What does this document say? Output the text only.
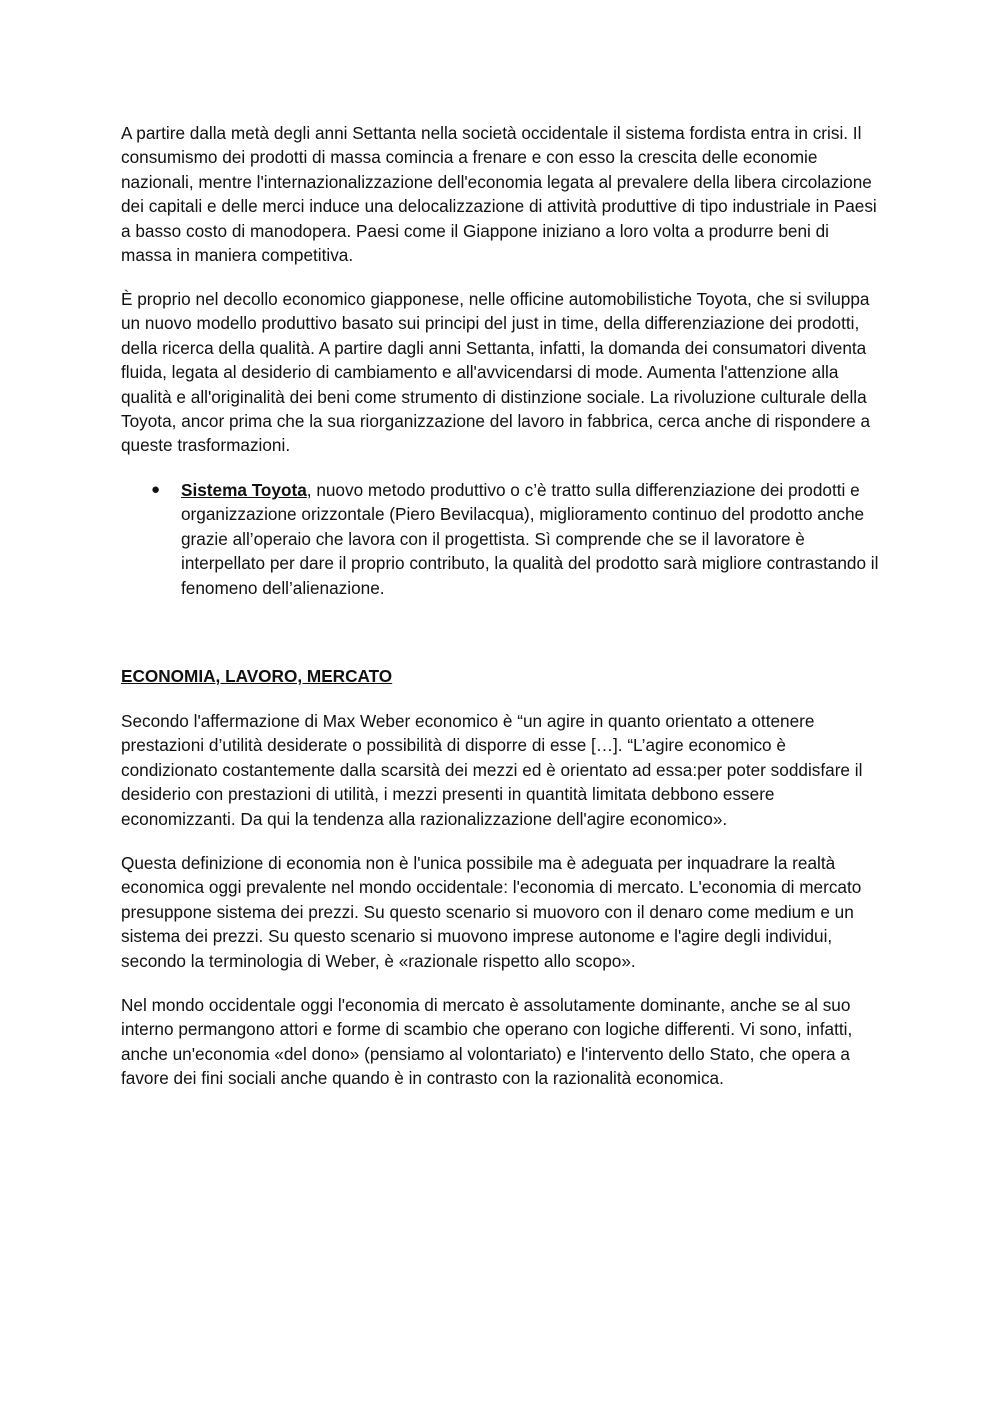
A partire dalla metà degli anni Settanta nella società occidentale il sistema fordista entra in crisi. Il consumismo dei prodotti di massa comincia a frenare e con esso la crescita delle economie nazionali, mentre l'internazionalizzazione dell'economia legata al prevalere della libera circolazione dei capitali e delle merci induce una delocalizzazione di attività produttive di tipo industriale in Paesi a basso costo di manodopera. Paesi come il Giappone iniziano a loro volta a produrre beni di massa in maniera competitiva.

È proprio nel decollo economico giapponese, nelle officine automobilistiche Toyota, che si sviluppa un nuovo modello produttivo basato sui principi del just in time, della differenziazione dei prodotti, della ricerca della qualità. A partire dagli anni Settanta, infatti, la domanda dei consumatori diventa fluida, legata al desiderio di cambiamento e all'avvicendarsi di mode. Aumenta l'attenzione alla qualità e all'originalità dei beni come strumento di distinzione sociale. La rivoluzione culturale della Toyota, ancor prima che la sua riorganizzazione del lavoro in fabbrica, cerca anche di rispondere a queste trasformazioni.

● Sistema Toyota, nuovo metodo produttivo o c’è tratto sulla differenziazione dei prodotti e organizzazione orizzontale (Piero Bevilacqua), miglioramento continuo del prodotto anche grazie all’operaio che lavora con il progettista. Sì comprende che se il lavoratore è interpellato per dare il proprio contributo, la qualità del prodotto sarà migliore contrastando il fenomeno dell’alienazione.
ECONOMIA, LAVORO, MERCATO

Secondo l'affermazione di Max Weber economico è “un agire in quanto orientato a ottenere prestazioni d’utilità desiderate o possibilità di disporre di esse […]. “L’agire economico è condizionato costantemente dalla scarsità dei mezzi ed è orientato ad essa:per poter soddisfare il desiderio con prestazioni di utilità, i mezzi presenti in quantità limitata debbono essere economizzanti. Da qui la tendenza alla razionalizzazione dell'agire economico».

Questa definizione di economia non è l'unica possibile ma è adeguata per inquadrare la realtà economica oggi prevalente nel mondo occidentale: l'economia di mercato. L'economia di mercato presuppone sistema dei prezzi. Su questo scenario si muovoro con il denaro come medium e un sistema dei prezzi. Su questo scenario si muovono imprese autonome e l'agire degli individui, secondo la terminologia di Weber, è «razionale rispetto allo scopo».

Nel mondo occidentale oggi l'economia di mercato è assolutamente dominante, anche se al suo interno permangono attori e forme di scambio che operano con logiche differenti. Vi sono, infatti, anche un'economia «del dono» (pensiamo al volontariato) e l'intervento dello Stato, che opera a favore dei fini sociali anche quando è in contrasto con la razionalità economica.
